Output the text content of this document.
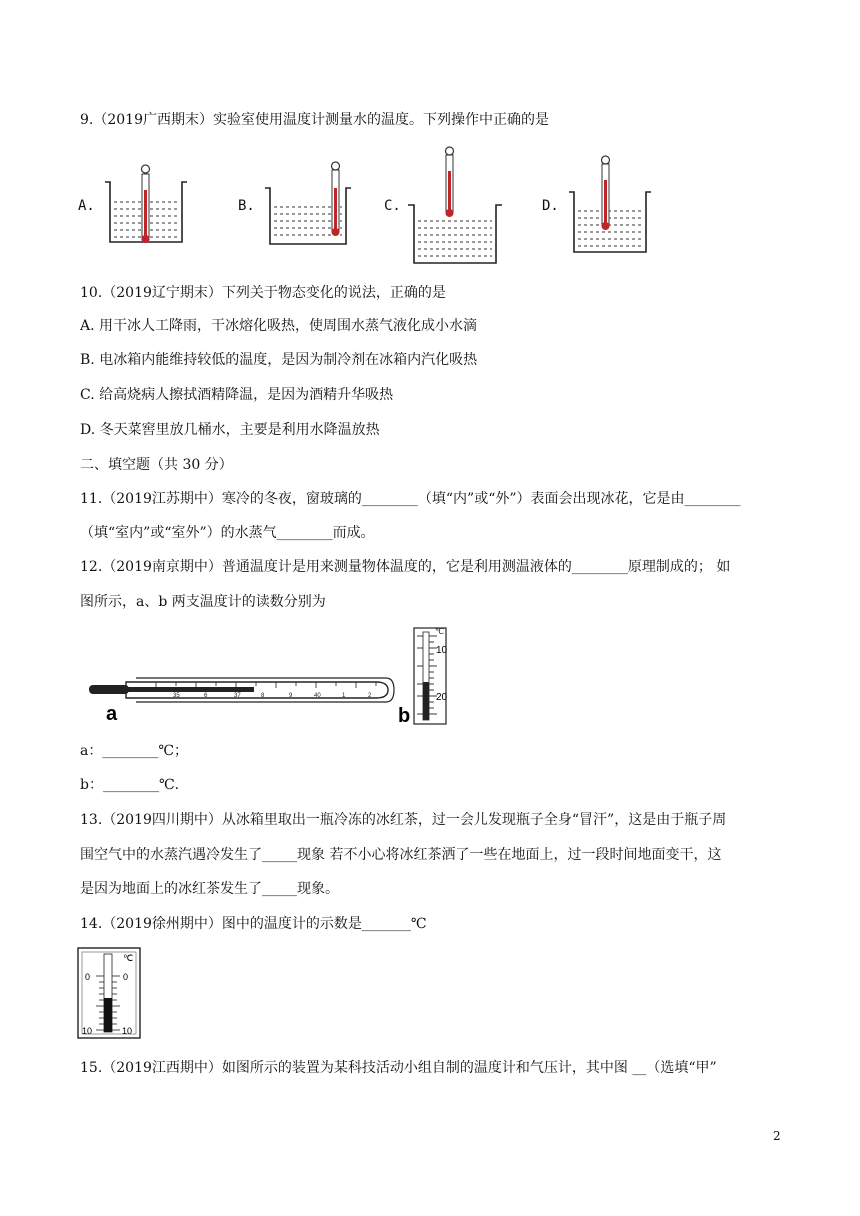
9.（2019广西期末）实验室使用温度计测量水的温度。下列操作中正确的是
A.	B.	C.	D.
10.（2019辽宁期末）下列关于物态变化的说法，正确的是
A. 用干冰人工降雨，干冰熔化吸热，使周围水蒸气液化成小水滴
B. 电冰箱内能维持较低的温度，是因为制冷剂在冰箱内汽化吸热
C. 给高烧病人擦拭酒精降温，是因为酒精升华吸热
D. 冬天菜窖里放几桶水，主要是利用水降温放热
二、填空题（共 30 分）
11.（2019江苏期中）寒冷的冬夜，窗玻璃的________（填“内”或“外”）表面会出现冰花，它是由________
（填“室内”或“室外”）的水蒸气________而成。
12.（2019南京期中）普通温度计是用来测量物体温度的，它是利用测温液体的________原理制成的； 如
图所示，a、b 两支温度计的读数分别为
a
35	6	37	8	9	40	1	2
b
℃
10
20
a：________℃；
b：________℃.
13.（2019四川期中）从冰箱里取出一瓶冷冻的冰红茶，过一会儿发现瓶子全身“冒汗”，这是由于瓶子周
围空气中的水蒸汽遇冷发生了_____现象 若不小心将冰红茶洒了一些在地面上，过一段时间地面变干，这
是因为地面上的冰红茶发生了_____现象。
14.（2019徐州期中）图中的温度计的示数是_______℃
℃
0
10
0
10
15.（2019江西期中）如图所示的装置为某科技活动小组自制的温度计和气压计，其中图 __（选填“甲”
2
